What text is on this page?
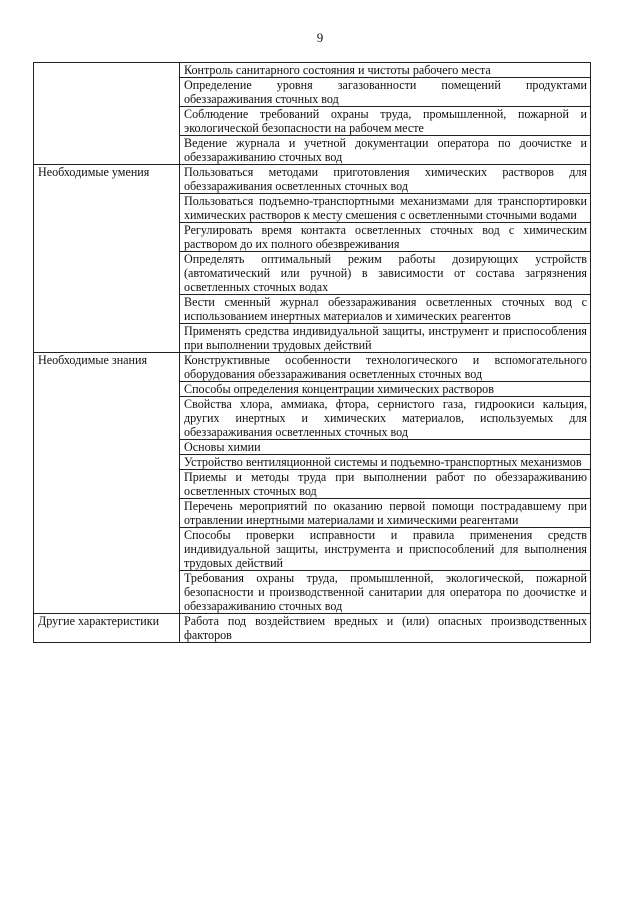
9
	Контроль санитарного состояния и чистоты рабочего места
	Определение уровня загазованности помещений продуктами обеззараживания сточных вод
	Соблюдение требований охраны труда, промышленной, пожарной и экологической безопасности на рабочем месте
	Ведение журнала и учетной документации оператора по доочистке и обеззараживанию сточных вод
Необходимые умения	Пользоваться методами приготовления химических растворов для обеззараживания осветленных сточных вод
	Пользоваться подъемно-транспортными механизмами для транспортировки химических растворов к месту смешения с осветленными сточными водами
	Регулировать время контакта осветленных сточных вод с химическим раствором до их полного обезвреживания
	Определять оптимальный режим работы дозирующих устройств (автоматический или ручной) в зависимости от состава загрязнения осветленных сточных водах
	Вести сменный журнал обеззараживания осветленных сточных вод с использованием инертных материалов и химических реагентов
	Применять средства индивидуальной защиты, инструмент и приспособления при выполнении трудовых действий
Необходимые знания	Конструктивные особенности технологического и вспомогательного оборудования обеззараживания осветленных сточных вод
	Способы определения концентрации химических растворов
	Свойства хлора, аммиака, фтора, сернистого газа, гидроокиси кальция, других инертных и химических материалов, используемых для обеззараживания осветленных сточных вод
	Основы химии
	Устройство вентиляционной системы и подъемно-транспортных механизмов
	Приемы и методы труда при выполнении работ по обеззараживанию осветленных сточных вод
	Перечень мероприятий по оказанию первой помощи пострадавшему при отравлении инертными материалами и химическими реагентами
	Способы проверки исправности и правила применения средств индивидуальной защиты, инструмента и приспособлений для выполнения трудовых действий
	Требования охраны труда, промышленной, экологической, пожарной безопасности и производственной санитарии для оператора по доочистке и обеззараживанию сточных вод
Другие характеристики	Работа под воздействием вредных и (или) опасных производственных факторов
